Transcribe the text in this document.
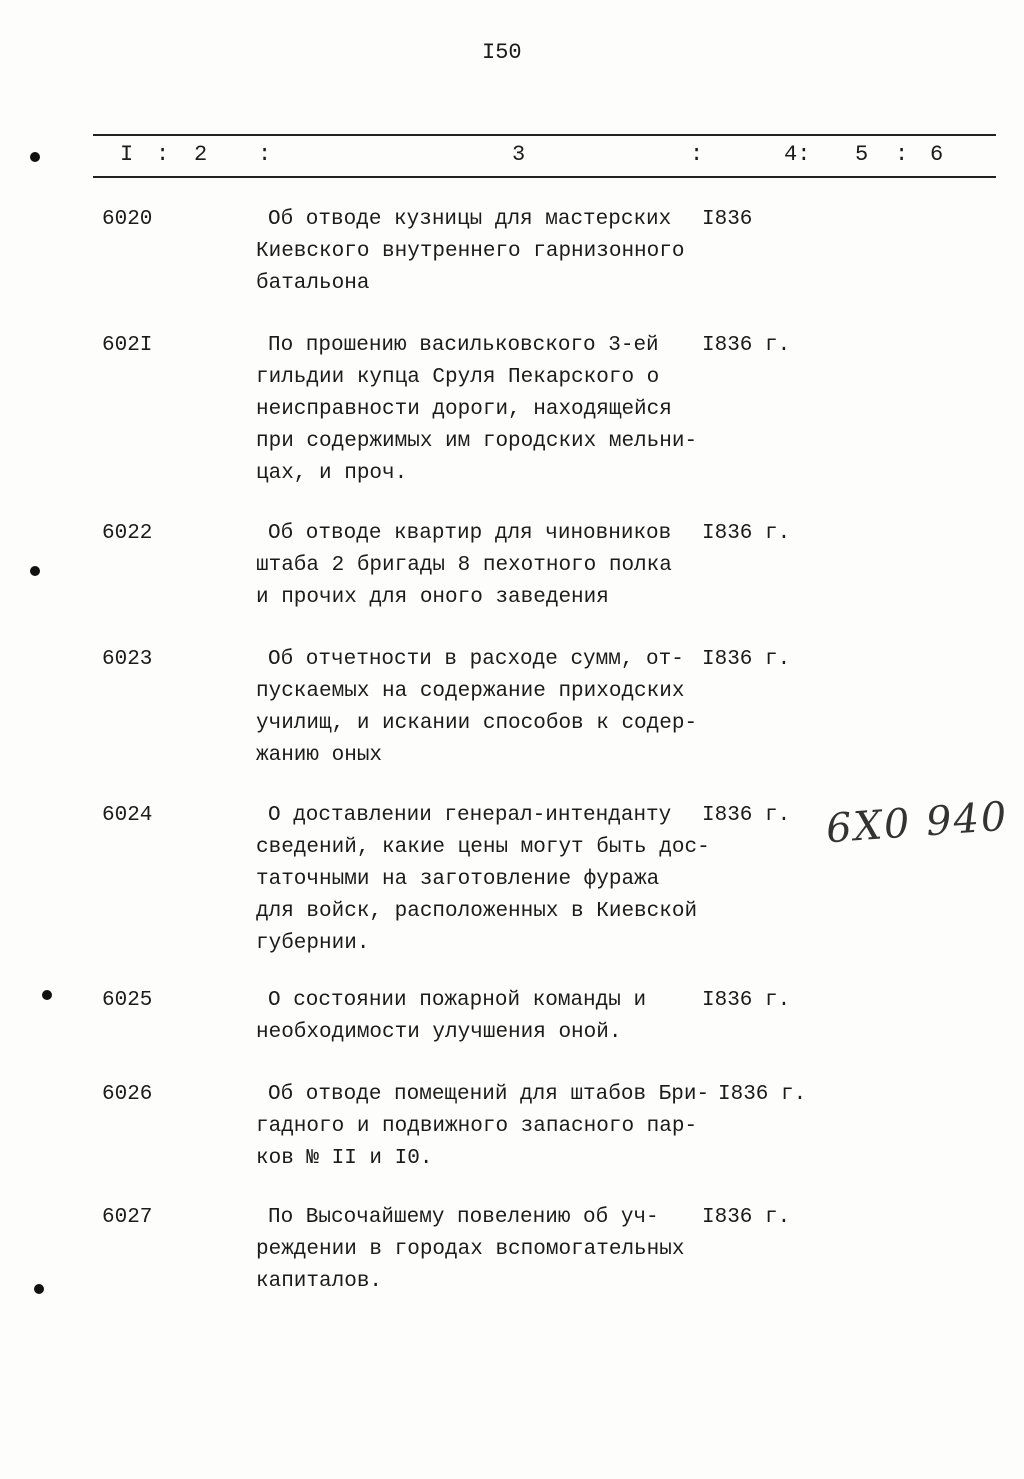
I50
I : 2 :	3	:	4: 5 : 6
6020	Об отводе кузницы для мастерских
Киевского внутреннего гарнизонного
батальона
I836
602I	По прошению васильковского 3-ей
гильдии купца Сруля Пекарского о
неисправности дороги, находящейся
при содержимых им городских мельни-
цах, и проч.
I836 г.
6022	Об отводе квартир для чиновников
штаба 2 бригады 8 пехотного полка
и прочих для оного заведения
I836 г.
6023	Об отчетности в расходе сумм, от-
пускаемых на содержание приходских
училищ, и искании способов к содер-
жанию оных
I836 г.
6024	О доставлении генерал-интенданту
сведений, какие цены могут быть дос-
таточными на заготовление фуража
для войск, расположенных в Киевской
губернии.
I836 г.
6025	О состоянии пожарной команды и
необходимости улучшения оной.
I836 г.
6026	Об отводе помещений для штабов Бри-
гадного и подвижного запасного пар-
ков № II и I0.
I836 г.
6027	По Высочайшему повелению об уч-
реждении в городах вспомогательных
капиталов.
I836 г.
6Х0 940
